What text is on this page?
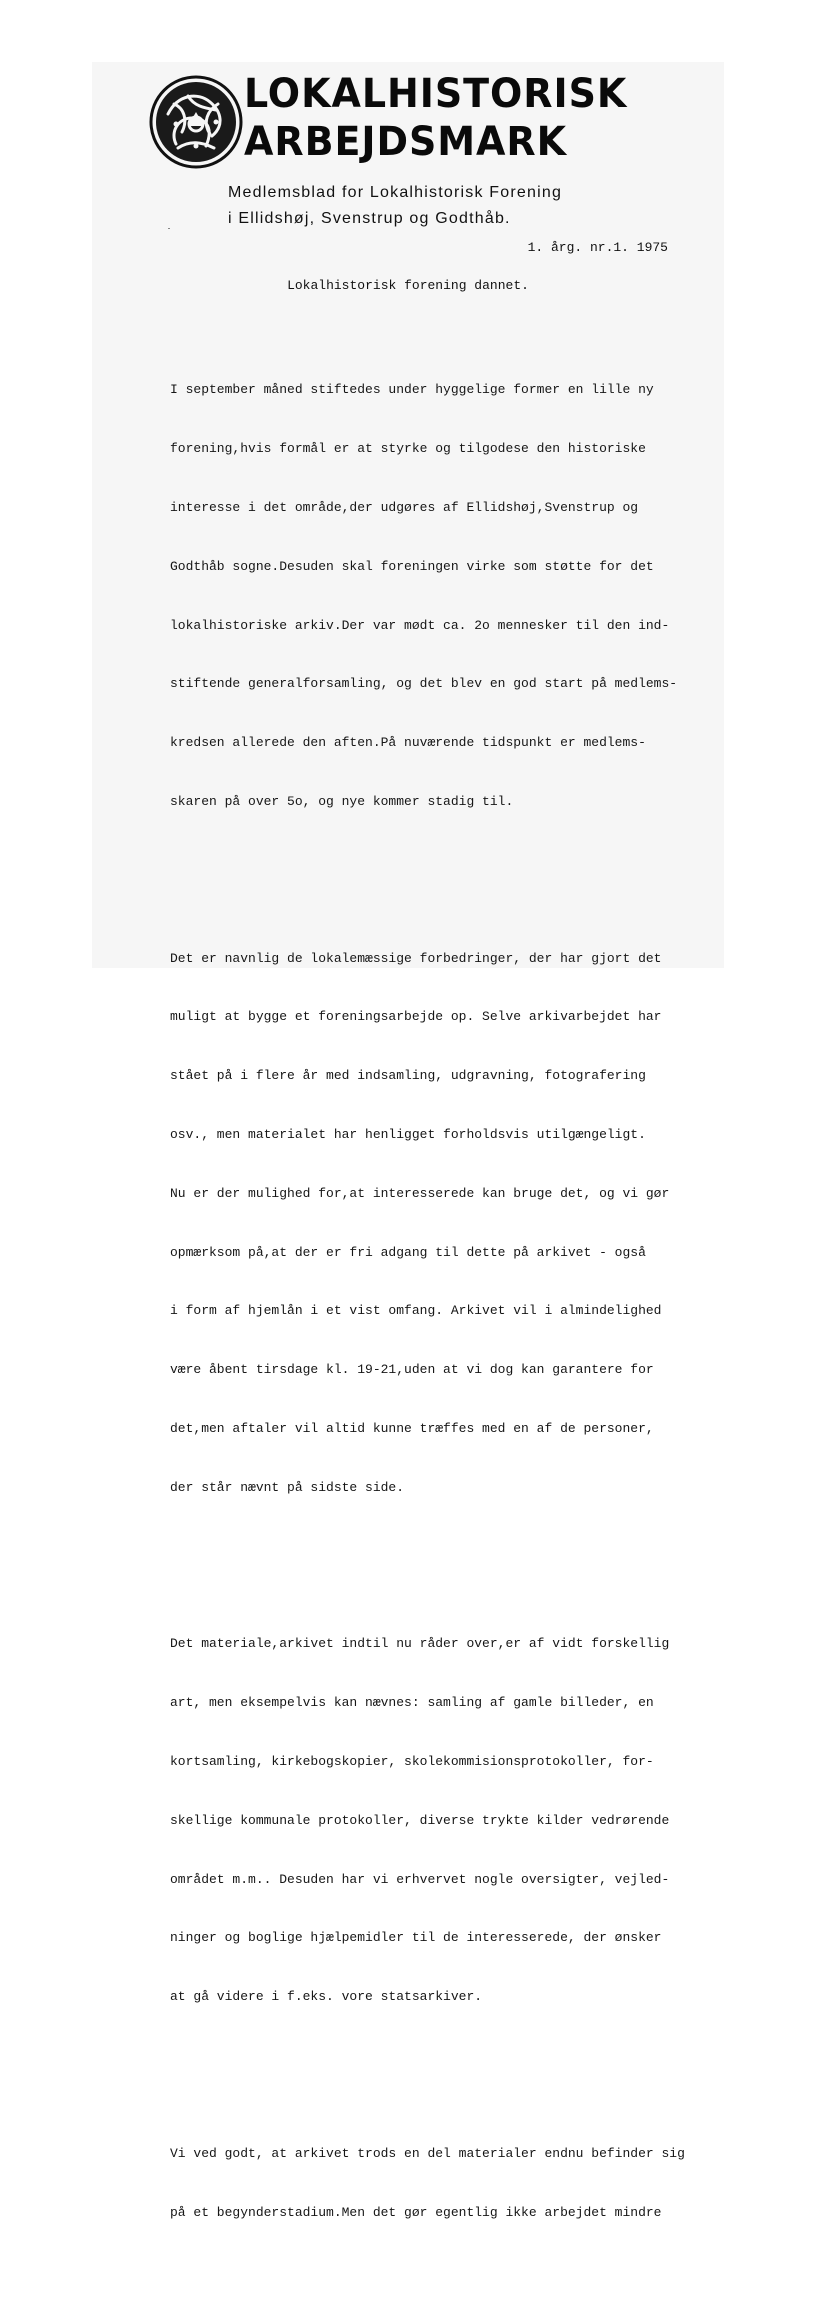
LOKALHISTORISK
ARBEJDSMARK
Medlemsblad for Lokalhistorisk Forening
i Ellidshøj, Svenstrup og Godthåb.
1. årg. nr.1. 1975
Lokalhistorisk forening dannet.

I september måned stiftedes under hyggelige former en lille ny

forening,hvis formål er at styrke og tilgodese den historiske

interesse i det område,der udgøres af Ellidshøj,Svenstrup og

Godthåb sogne.Desuden skal foreningen virke som støtte for det

lokalhistoriske arkiv.Der var mødt ca. 2o mennesker til den ind-

stiftende generalforsamling, og det blev en god start på medlems-

kredsen allerede den aften.På nuværende tidspunkt er medlems-

skaren på over 5o, og nye kommer stadig til.

Det er navnlig de lokalemæssige forbedringer, der har gjort det

muligt at bygge et foreningsarbejde op. Selve arkivarbejdet har

stået på i flere år med indsamling, udgravning, fotografering

osv., men materialet har henligget forholdsvis utilgængeligt.

Nu er der mulighed for,at interesserede kan bruge det, og vi gør

opmærksom på,at der er fri adgang til dette på arkivet - også

i form af hjemlån i et vist omfang. Arkivet vil i almindelighed

være åbent tirsdage kl. 19-21,uden at vi dog kan garantere for

det,men aftaler vil altid kunne træffes med en af de personer,

der står nævnt på sidste side.

Det materiale,arkivet indtil nu råder over,er af vidt forskellig

art, men eksempelvis kan nævnes: samling af gamle billeder, en

kortsamling, kirkebogskopier, skolekommisionsprotokoller, for-

skellige kommunale protokoller, diverse trykte kilder vedrørende

området m.m.. Desuden har vi erhvervet nogle oversigter, vejled-

ninger og boglige hjælpemidler til de interesserede, der ønsker

at gå videre i f.eks. vore statsarkiver.

Vi ved godt, at arkivet trods en del materialer endnu befinder sig

på et begynderstadium.Men det gør egentlig ikke arbejdet mindre
